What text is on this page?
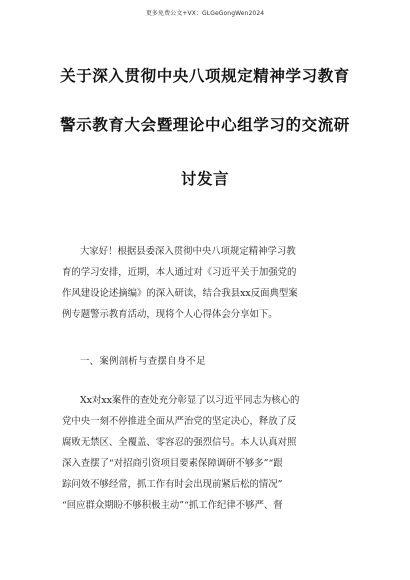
更多免费公文+VX：GLGeGongWen2024
关于深入贯彻中央八项规定精神学习教育
警示教育大会暨理论中心组学习的交流研
讨发言
大家好！根据县委深入贯彻中央八项规定精神学习教
育的学习安排，近期，本人通过对《习近平关于加强党的
作风建设论述摘编》的深入研读，结合我县xx反面典型案
例专题警示教育活动，现将个人心得体会分享如下。
一、案例剖析与查摆自身不足
Xx对xx案件的查处充分彰显了以习近平同志为核心的
党中央一刻不停推进全面从严治党的坚定决心，释放了反
腐败无禁区、全覆盖、零容忍的强烈信号。本人认真对照
深入查摆了“对招商引资项目要素保障调研不够多”“跟
踪问效不够经常，抓工作有时会出现前紧后松的情况”
“回应群众期盼不够积极主动”“抓工作纪律不够严、督
